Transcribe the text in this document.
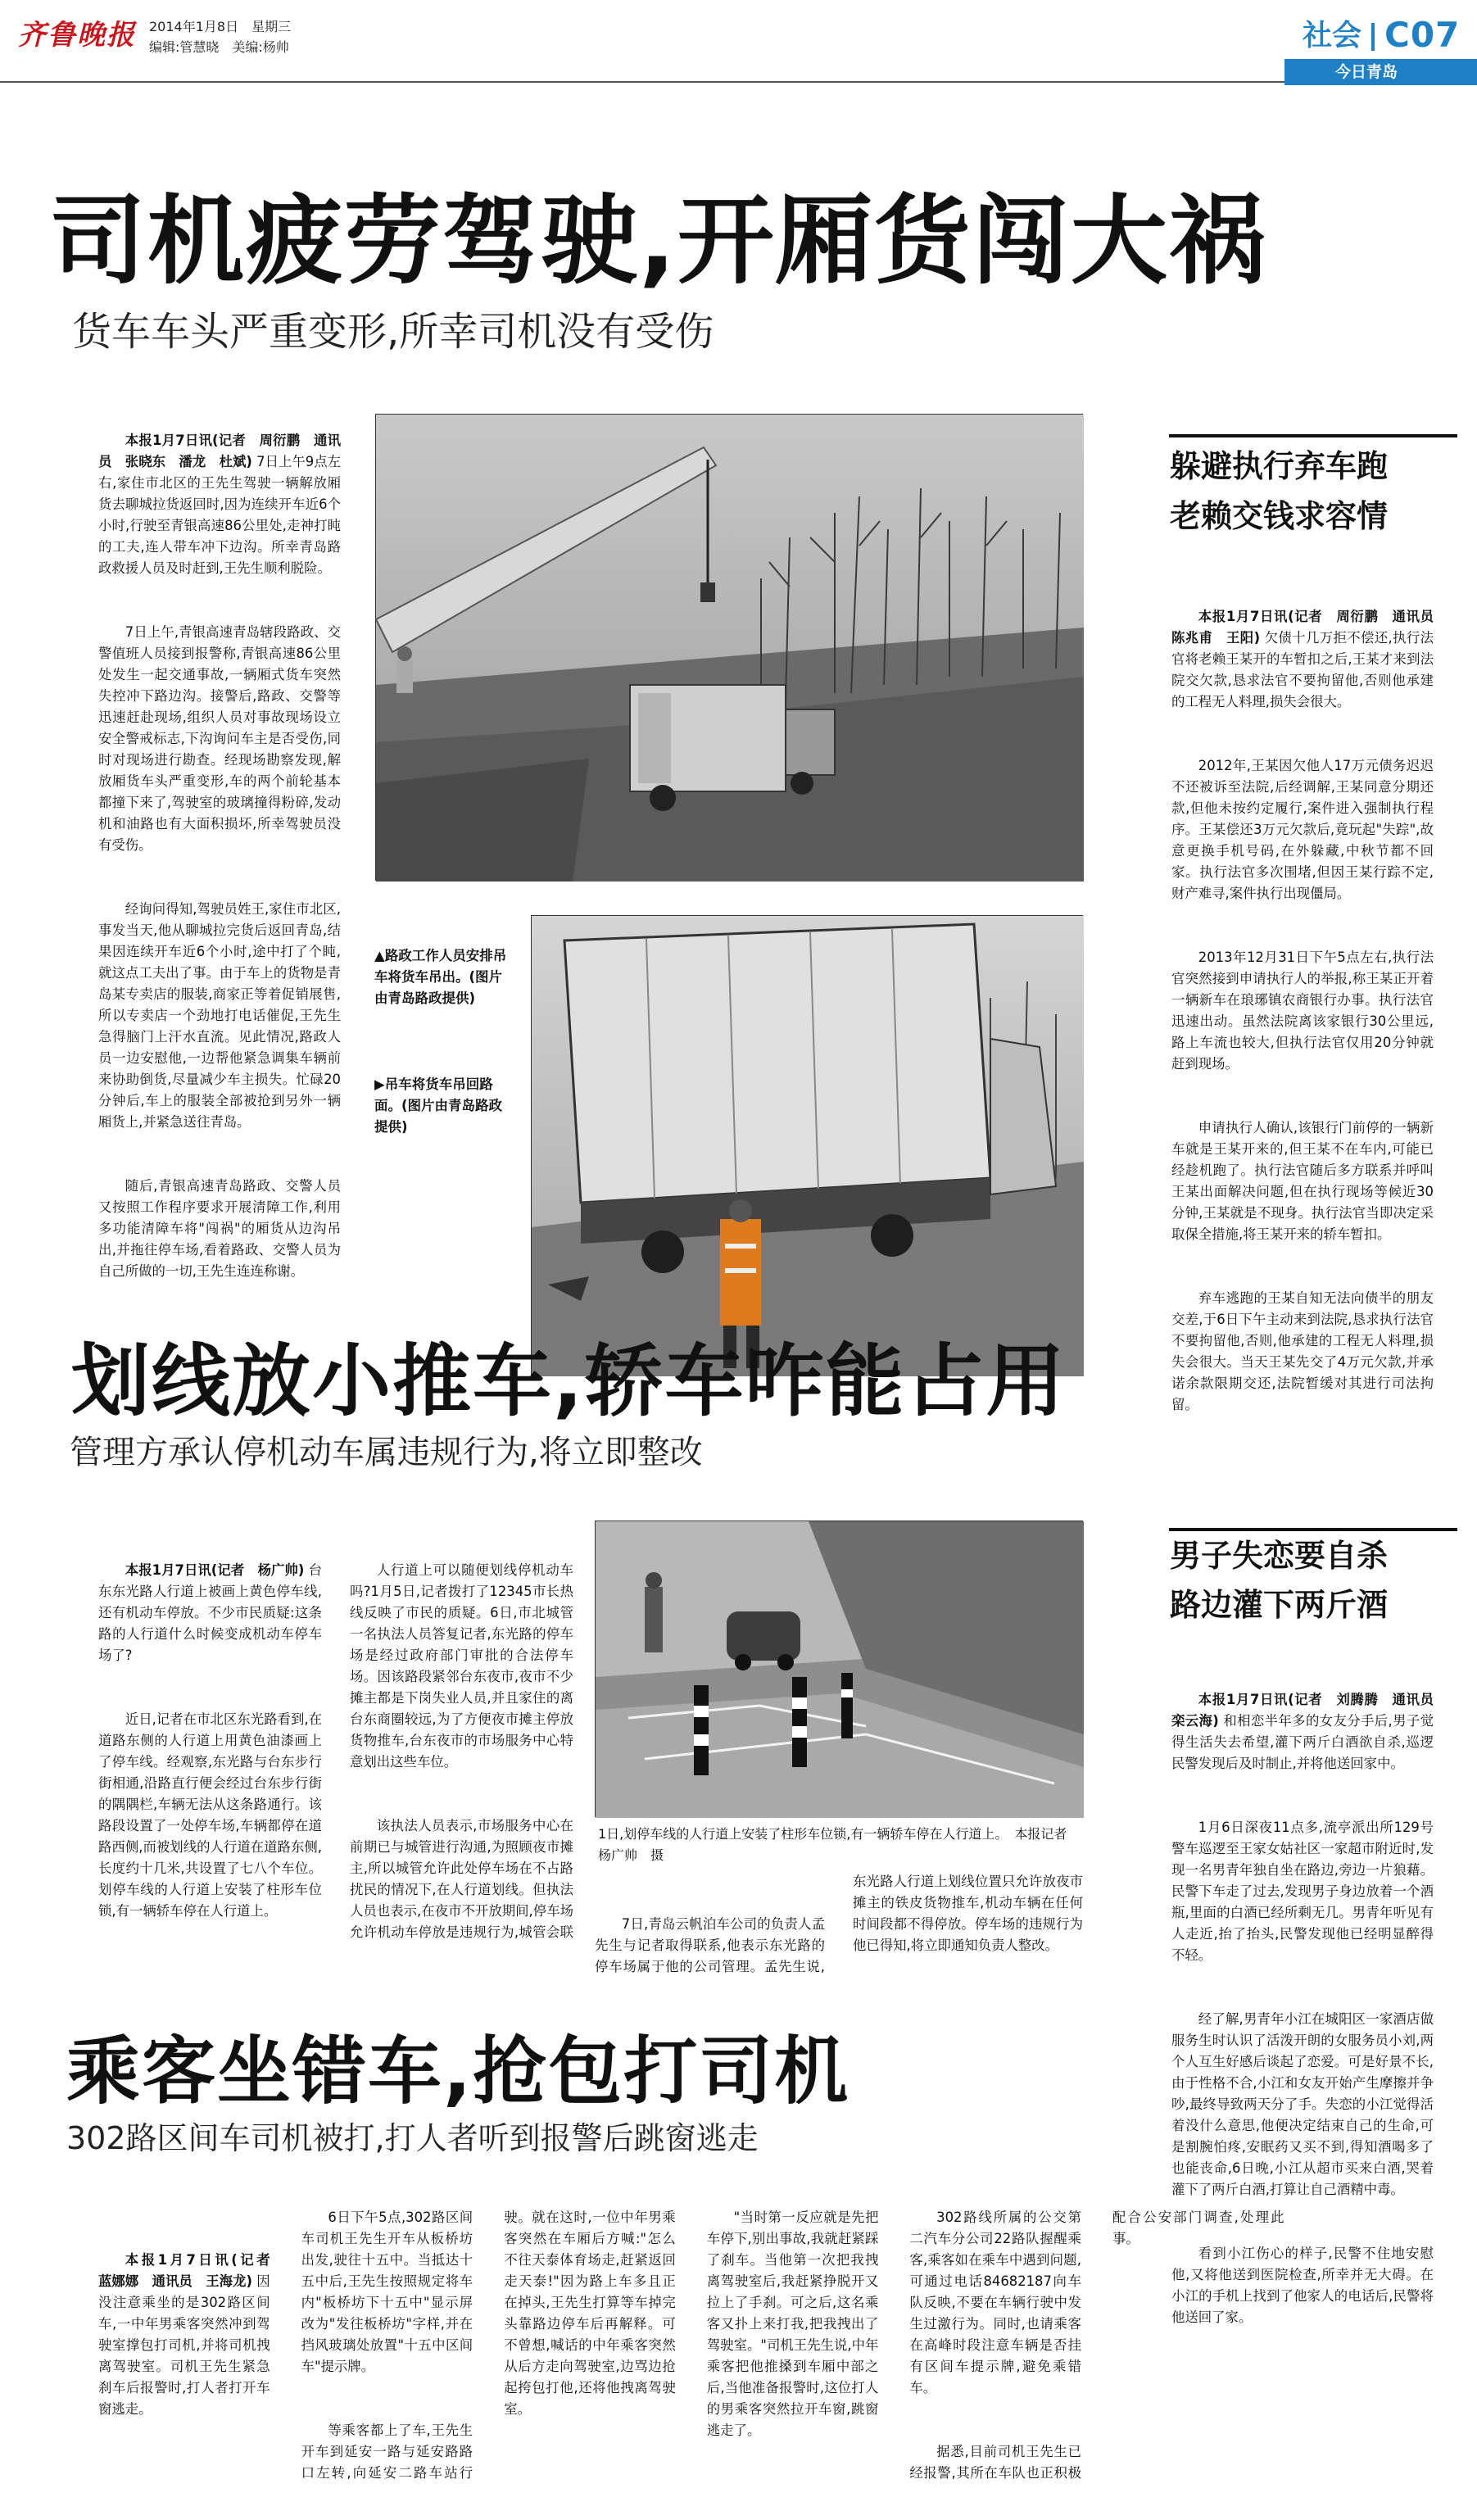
齐鲁晚报	2014年1月8日　星期三
编辑:管慧晓　美编:杨帅	社会 C07
今日青岛
司机疲劳驾驶,开厢货闯大祸
货车车头严重变形,所幸司机没有受伤

本报1月7日讯(记者　周衍鹏　通讯员　张晓东　潘龙　杜斌) 7日上午9点左右,家住市北区的王先生驾驶一辆解放厢货去聊城拉货返回时,因为连续开车近6个小时,行驶至青银高速86公里处,走神打盹的工夫,连人带车冲下边沟。所幸青岛路政救援人员及时赶到,王先生顺利脱险。

7日上午,青银高速青岛辖段路政、交警值班人员接到报警称,青银高速86公里处发生一起交通事故,一辆厢式货车突然失控冲下路边沟。接警后,路政、交警等迅速赶赴现场,组织人员对事故现场设立安全警戒标志,下沟询问车主是否受伤,同时对现场进行勘查。经现场勘察发现,解放厢货车头严重变形,车的两个前轮基本都撞下来了,驾驶室的玻璃撞得粉碎,发动机和油路也有大面积损坏,所幸驾驶员没有受伤。

经询问得知,驾驶员姓王,家住市北区,事发当天,他从聊城拉完货后返回青岛,结果因连续开车近6个小时,途中打了个盹,就这点工夫出了事。由于车上的货物是青岛某专卖店的服装,商家正等着促销展售,所以专卖店一个劲地打电话催促,王先生急得脑门上汗水直流。见此情况,路政人员一边安慰他,一边帮他紧急调集车辆前来协助倒货,尽量减少车主损失。忙碌20分钟后,车上的服装全部被抢到另外一辆厢货上,并紧急送往青岛。

随后,青银高速青岛路政、交警人员又按照工作程序要求开展清障工作,利用多功能清障车将"闯祸"的厢货从边沟吊出,并拖往停车场,看着路政、交警人员为自己所做的一切,王先生连连称谢。

▲路政工作人员安排吊车将货车吊出。(图片由青岛路政提供)
▶吊车将货车吊回路面。(图片由青岛路政提供)
躲避执行弃车跑
老赖交钱求容情

本报1月7日讯(记者　周衍鹏　通讯员　陈兆甫　王阳) 欠债十几万拒不偿还,执行法官将老赖王某开的车暂扣之后,王某才来到法院交欠款,恳求法官不要拘留他,否则他承建的工程无人料理,损失会很大。

2012年,王某因欠他人17万元债务迟迟不还被诉至法院,后经调解,王某同意分期还款,但他未按约定履行,案件进入强制执行程序。王某偿还3万元欠款后,竟玩起"失踪",故意更换手机号码,在外躲藏,中秋节都不回家。执行法官多次围堵,但因王某行踪不定,财产难寻,案件执行出现僵局。

2013年12月31日下午5点左右,执行法官突然接到申请执行人的举报,称王某正开着一辆新车在琅琊镇农商银行办事。执行法官迅速出动。虽然法院离该家银行30公里远,路上车流也较大,但执行法官仅用20分钟就赶到现场。

申请执行人确认,该银行门前停的一辆新车就是王某开来的,但王某不在车内,可能已经趁机跑了。执行法官随后多方联系并呼叫王某出面解决问题,但在执行现场等候近30分钟,王某就是不现身。执行法官当即决定采取保全措施,将王某开来的轿车暂扣。

弃车逃跑的王某自知无法向债半的朋友交差,于6日下午主动来到法院,恳求执行法官不要拘留他,否则,他承建的工程无人料理,损失会很大。当天王某先交了4万元欠款,并承诺余款限期交还,法院暂缓对其进行司法拘留。

划线放小推车,轿车咋能占用
管理方承认停机动车属违规行为,将立即整改

本报1月7日讯(记者　杨广帅) 台东东光路人行道上被画上黄色停车线,还有机动车停放。不少市民质疑:这条路的人行道什么时候变成机动车停车场了?

近日,记者在市北区东光路看到,在道路东侧的人行道上用黄色油漆画上了停车线。经观察,东光路与台东步行街相通,沿路直行便会经过台东步行街的隅隅栏,车辆无法从这条路通行。该路段设置了一处停车场,车辆都停在道路西侧,而被划线的人行道在道路东侧,长度约十几米,共设置了七八个车位。划停车线的人行道上安装了柱形车位锁,有一辆轿车停在人行道上。

人行道上可以随便划线停机动车吗?1月5日,记者拨打了12345市长热线反映了市民的质疑。6日,市北城管一名执法人员答复记者,东光路的停车场是经过政府部门审批的合法停车场。因该路段紧邻台东夜市,夜市不少摊主都是下岗失业人员,并且家住的离台东商圈较远,为了方便夜市摊主停放货物推车,台东夜市的市场服务中心特意划出这些车位。

该执法人员表示,市场服务中心在前期已与城管进行沟通,为照顾夜市摊主,所以城管允许此处停车场在不占路扰民的情况下,在人行道划线。但执法人员也表示,在夜市不开放期间,停车场允许机动车停放是违规行为,城管会联

1日,划停车线的人行道上安装了柱形车位锁,有一辆轿车停在人行道上。　本报记者　杨广帅　摄

7日,青岛云帆泊车公司的负责人孟先生与记者取得联系,他表示东光路的停车场属于他的公司管理。孟先生说,东光路人行道上划线位置只允许放夜市摊主的铁皮货物推车,机动车辆在任何时间段都不得停放。停车场的违规行为他已得知,将立即通知负责人整改。

男子失恋要自杀
路边灌下两斤酒

本报1月7日讯(记者　刘腾腾　通讯员　栾云海) 和相恋半年多的女友分手后,男子觉得生活失去希望,灌下两斤白酒欲自杀,巡逻民警发现后及时制止,并将他送回家中。

1月6日深夜11点多,流亭派出所129号警车巡逻至王家女姑社区一家超市附近时,发现一名男青年独自坐在路边,旁边一片狼藉。民警下车走了过去,发现男子身边放着一个酒瓶,里面的白酒已经所剩无几。男青年听见有人走近,抬了抬头,民警发现他已经明显醉得不轻。

经了解,男青年小江在城阳区一家酒店做服务生时认识了活泼开朗的女服务员小刘,两个人互生好感后谈起了恋爱。可是好景不长,由于性格不合,小江和女友开始产生摩擦并争吵,最终导致两天分了手。失恋的小江觉得活着没什么意思,他便决定结束自己的生命,可是割腕怕疼,安眠药又买不到,得知酒喝多了也能丧命,6日晚,小江从超市买来白酒,哭着灌下了两斤白酒,打算让自己酒精中毒。

看到小江伤心的样子,民警不住地安慰他,又将他送到医院检查,所幸并无大碍。在小江的手机上找到了他家人的电话后,民警将他送回了家。

乘客坐错车,抢包打司机
302路区间车司机被打,打人者听到报警后跳窗逃走

本报1月7日讯(记者　蓝娜娜　通讯员　王海龙) 因没注意乘坐的是302路区间车,一中年男乘客突然冲到驾驶室撑包打司机,并将司机拽离驾驶室。司机王先生紧急刹车后报警时,打人者打开车窗逃走。

6日下午5点,302路区间车司机王先生开车从板桥坊出发,驶往十五中。当抵达十五中后,王先生按照规定将车内"板桥坊下十五中"显示屏改为"发往板桥坊"字样,并在挡风玻璃处放置"十五中区间车"提示牌。

等乘客都上了车,王先生开车到延安一路与延安路路口左转,向延安二路车站行驶。就在这时,一位中年男乘客突然在车厢后方喊:"怎么不往天泰体育场走,赶紧返回走天泰!"因为路上车多且正在掉头,王先生打算等车掉完头靠路边停车后再解释。可不曾想,喊话的中年乘客突然从后方走向驾驶室,边骂边抢起挎包打他,还将他拽离驾驶室。

"当时第一反应就是先把车停下,别出事故,我就赶紧踩了刹车。当他第一次把我拽离驾驶室后,我赶紧挣脱开又拉上了手刹。可之后,这名乘客又扑上来打我,把我拽出了驾驶室。"司机王先生说,中年乘客把他推搡到车厢中部之后,当他准备报警时,这位打人的男乘客突然拉开车窗,跳窗逃走了。

302路线所属的公交第二汽车分公司22路队握醒乘客,乘客如在乘车中遇到问题,可通过电话84682187向车队反映,不要在车辆行驶中发生过激行为。同时,也请乘客在高峰时段注意车辆是否挂有区间车提示牌,避免乘错车。

据悉,目前司机王先生已经报警,其所在车队也正积极配合公安部门调查,处理此事。
